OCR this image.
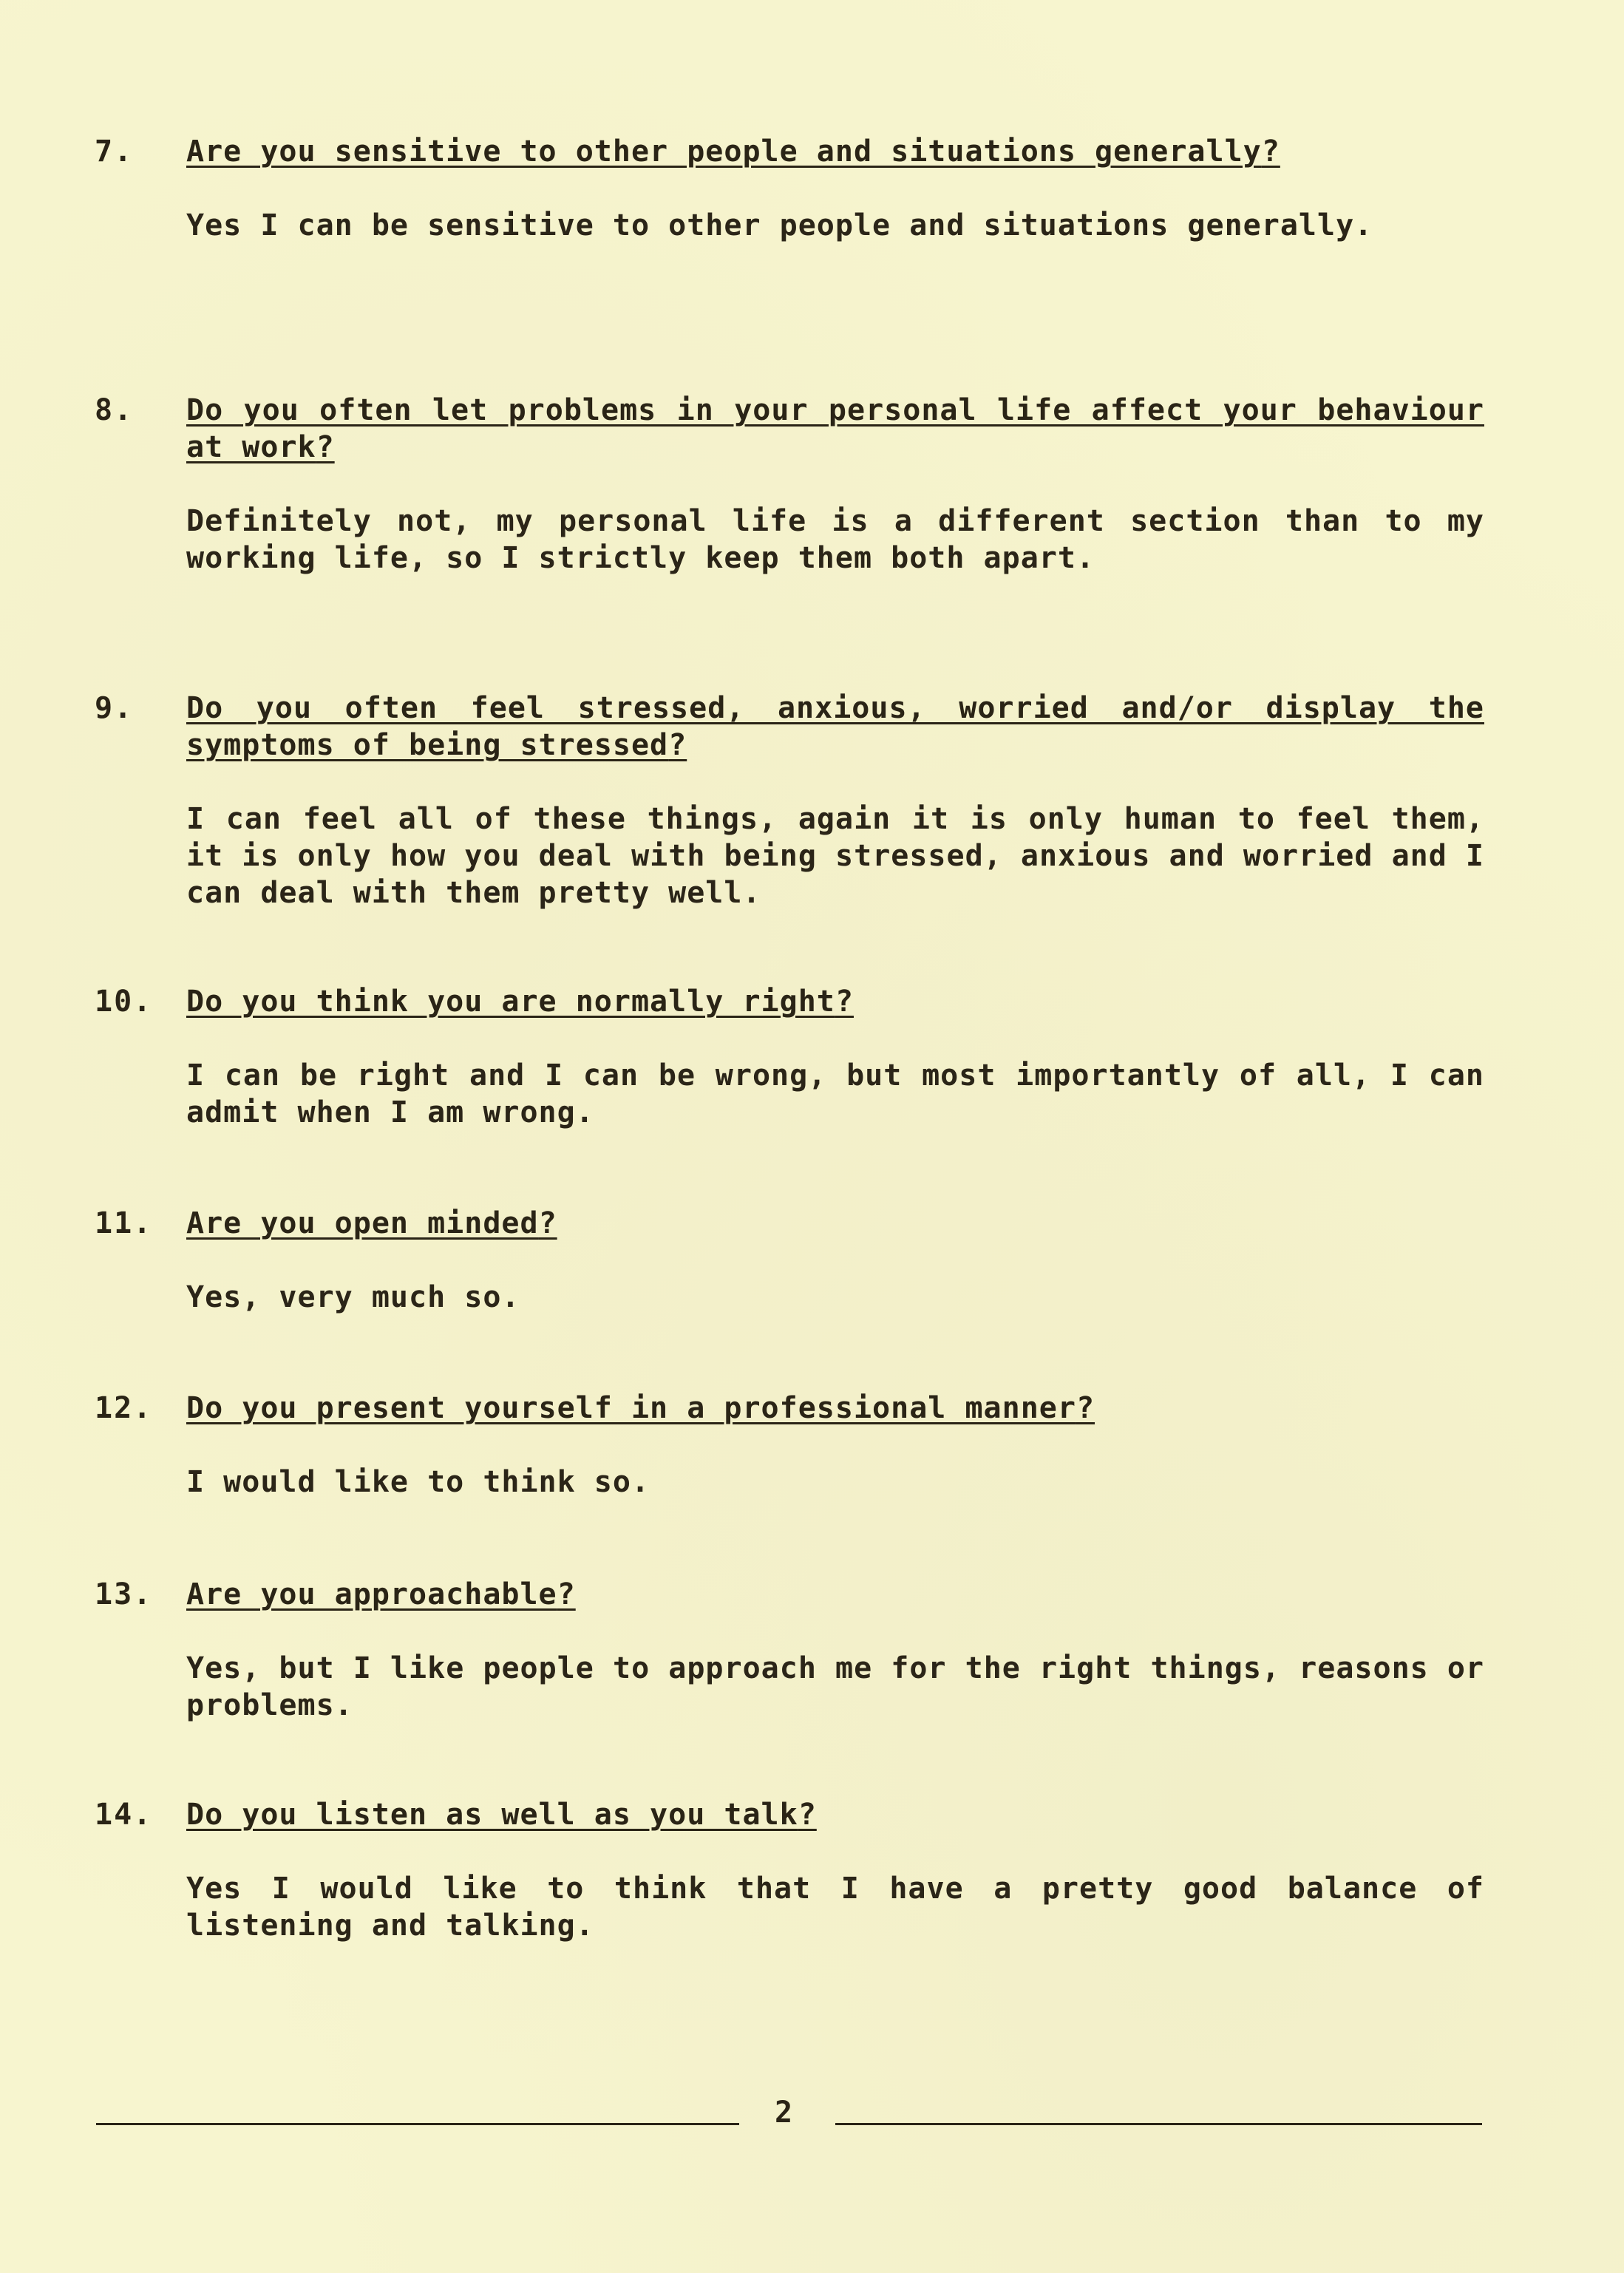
7. Are you sensitive to other people and situations generally?
Yes I can be sensitive to other people and situations generally.
8. Do you often let problems in your personal life affect your behaviour at work?
Definitely not, my personal life is a different section than to my working life, so I strictly keep them both apart.
9. Do you often feel stressed, anxious, worried and/or display the symptoms of being stressed?
I can feel all of these things, again it is only human to feel them, it is only how you deal with being stressed, anxious and worried and I can deal with them pretty well.
10. Do you think you are normally right?
I can be right and I can be wrong, but most importantly of all, I can admit when I am wrong.
11. Are you open minded?
Yes, very much so.
12. Do you present yourself in a professional manner?
I would like to think so.
13. Are you approachable?
Yes, but I like people to approach me for the right things, reasons or problems.
14. Do you listen as well as you talk?
Yes I would like to think that I have a pretty good balance of listening and talking.
2
